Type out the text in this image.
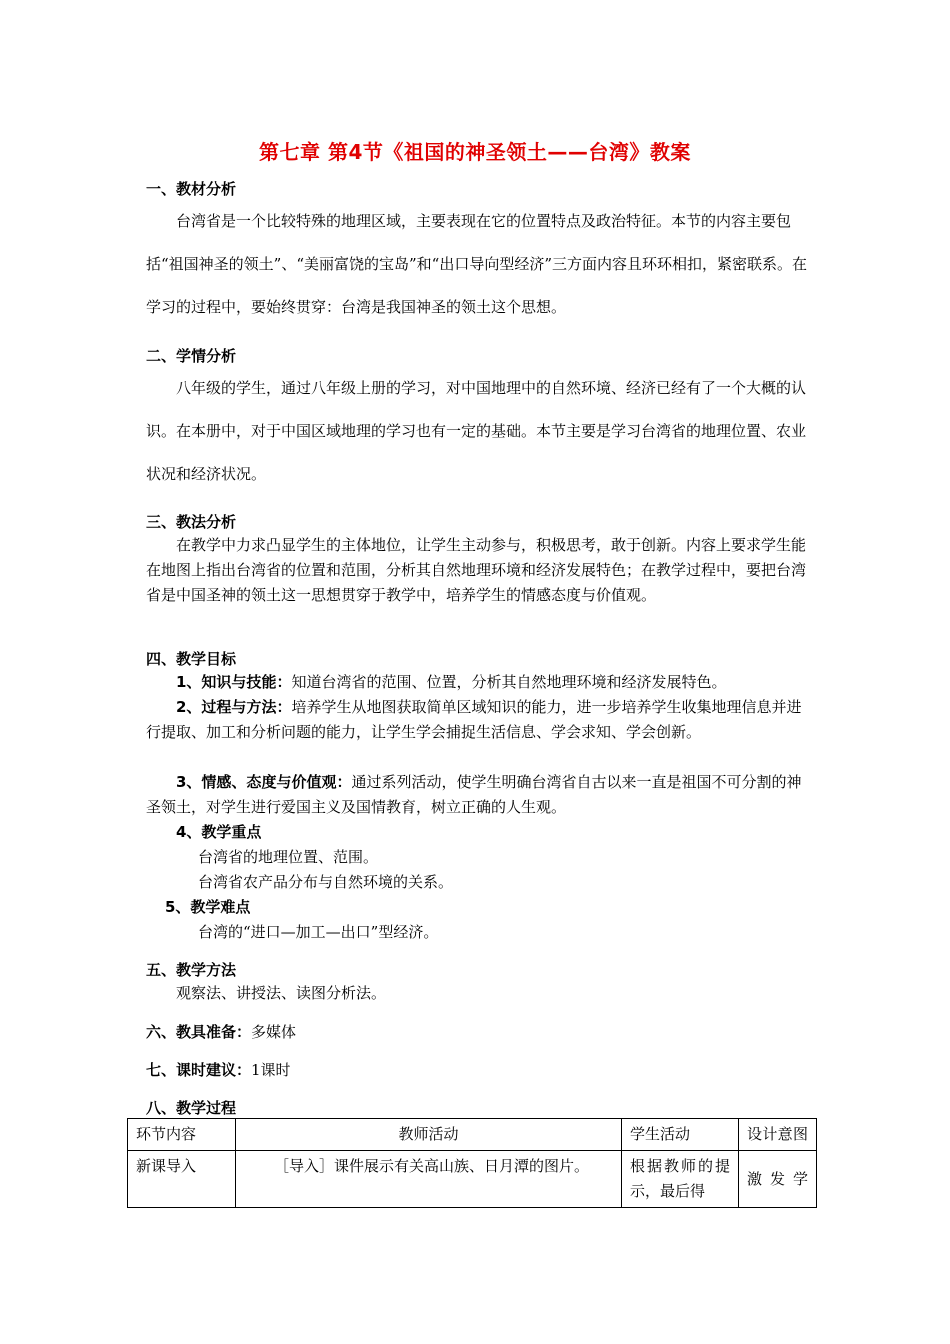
第七章 第4节《祖国的神圣领土——台湾》教案
一、教材分析
台湾省是一个比较特殊的地理区域，主要表现在它的位置特点及政治特征。本节的内容主要包括“祖国神圣的领土”、“美丽富饶的宝岛”和“出口导向型经济”三方面内容且环环相扣，紧密联系。在学习的过程中，要始终贯穿：台湾是我国神圣的领土这个思想。
二、学情分析
八年级的学生，通过八年级上册的学习，对中国地理中的自然环境、经济已经有了一个大概的认识。在本册中，对于中国区域地理的学习也有一定的基础。本节主要是学习台湾省的地理位置、农业状况和经济状况。
三、教法分析
在教学中力求凸显学生的主体地位，让学生主动参与，积极思考，敢于创新。内容上要求学生能在地图上指出台湾省的位置和范围，分析其自然地理环境和经济发展特色；在教学过程中，要把台湾省是中国圣神的领土这一思想贯穿于教学中，培养学生的情感态度与价值观。
四、教学目标
1、知识与技能：知道台湾省的范围、位置，分析其自然地理环境和经济发展特色。
2、过程与方法：培养学生从地图获取简单区域知识的能力，进一步培养学生收集地理信息并进行提取、加工和分析问题的能力，让学生学会捕捉生活信息、学会求知、学会创新。
3、情感、态度与价值观：通过系列活动，使学生明确台湾省自古以来一直是祖国不可分割的神圣领土，对学生进行爱国主义及国情教育，树立正确的人生观。
4、教学重点
台湾省的地理位置、范围。
台湾省农产品分布与自然环境的关系。
5、教学难点
台湾的“进口—加工—出口”型经济。
五、教学方法
观察法、讲授法、读图分析法。
六、教具准备：多媒体
七、课时建议：1课时
八、教学过程
环节内容	教师活动	学生活动	设计意图
新课导入	［导入］课件展示有关高山族、日月潭的图片。	根据教师的提示，最后得	激发学
